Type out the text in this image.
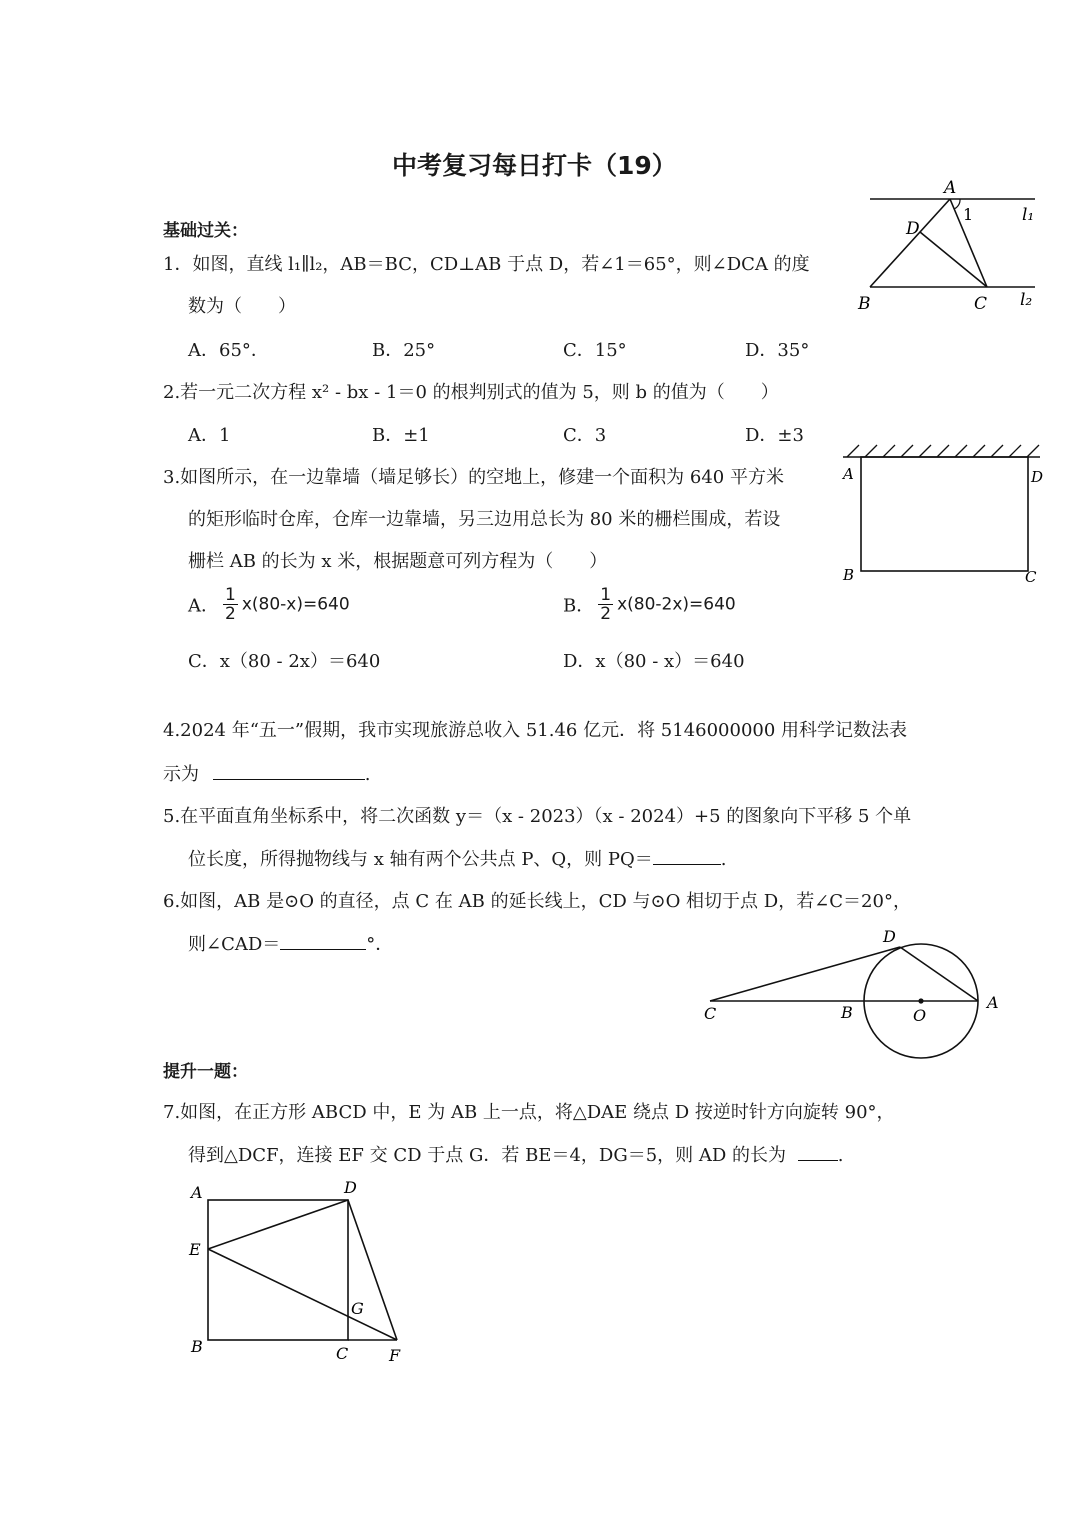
中考复习每日打卡（19）
基础过关：
1．如图，直线 l₁∥l₂，AB＝BC，CD⊥AB 于点 D，若∠1＝65°，则∠DCA 的度
数为（　　）
A．65°．	B．25°	C．15°	D．35°
A
1	l₁
D
B	C l₂
2.若一元二次方程 x² - bx - 1＝0 的根判别式的值为 5，则 b 的值为（　　）
A．1	B．±1	C．3	D．±3
3.如图所示，在一边靠墙（墙足够长）的空地上，修建一个面积为 640 平方米
的矩形临时仓库，仓库一边靠墙，另三边用总长为 80 米的栅栏围成，若设
栅栏 AB 的长为 x 米，根据题意可列方程为（　　）
A． $\frac{1}{2} x(80-x)=640$	B． $\frac{1}{2} x(80-2x)=640$
C．x（80 - 2x）＝640	D．x（80 - x）＝640
A	D
B	C
4.2024 年“五一”假期，我市实现旅游总收入 51.46 亿元．将 5146000000 用科学记数法表
示为	.
5.在平面直角坐标系中，将二次函数 y＝（x - 2023）（x - 2024）+5 的图象向下平移 5 个单
位长度，所得抛物线与 x 轴有两个公共点 P、Q，则 PQ＝	.
6.如图，AB 是⊙O 的直径，点 C 在 AB 的延长线上，CD 与⊙O 相切于点 D，若∠C＝20°，
则∠CAD＝	°．	D
C	B	O
A
提升一题：
7.如图，在正方形 ABCD 中，E 为 AB 上一点，将△DAE 绕点 D 按逆时针方向旋转 90°，
得到△DCF，连接 EF 交 CD 于点 G．若 BE＝4，DG＝5，则 AD 的长为	.
A	D
E
G
B	C	F
